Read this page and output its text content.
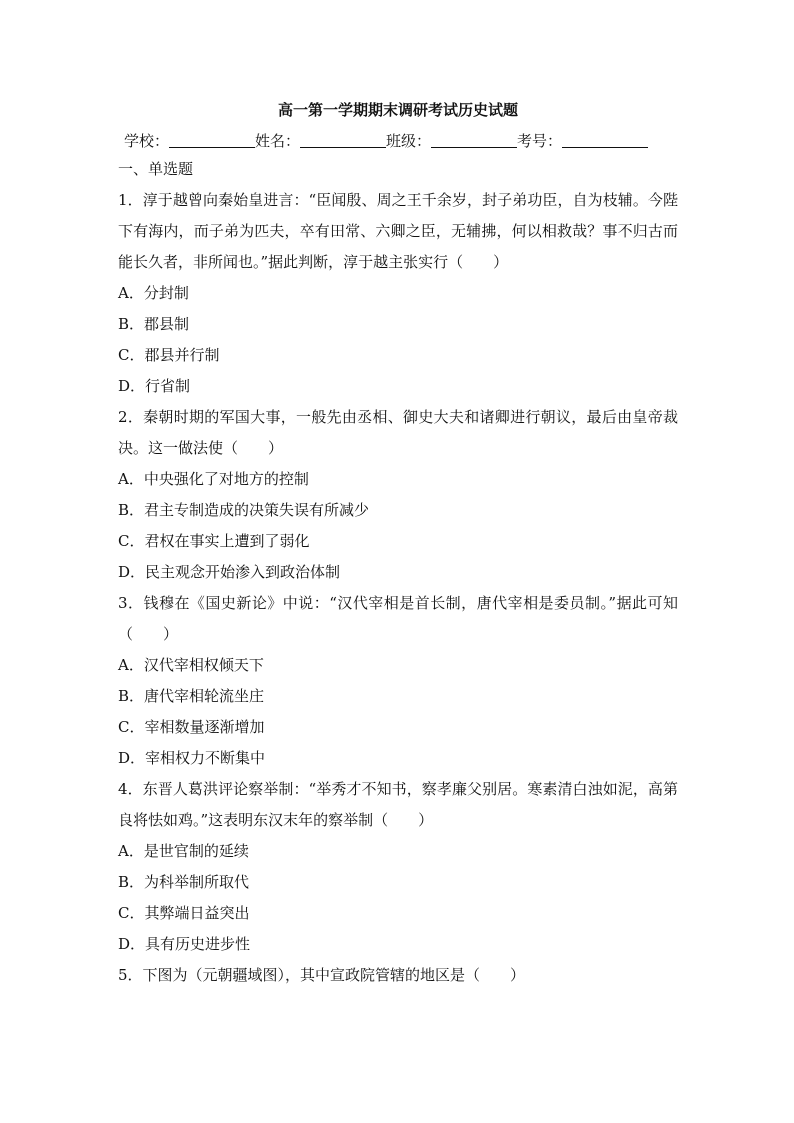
高一第一学期期末调研考试历史试题
学校：	姓名：	班级：	考号：
一、单选题

1．淳于越曾向秦始皇进言：“臣闻殷、周之王千余岁，封子弟功臣，自为枝辅。今陛下有海内，而子弟为匹夫，卒有田常、六卿之臣，无辅拂，何以相救哉？事不归古而能长久者，非所闻也。”据此判断，淳于越主张实行（　　）

A．分封制
B．郡县制
C．郡县并行制
D．行省制

2．秦朝时期的军国大事，一般先由丞相、御史大夫和诸卿进行朝议，最后由皇帝裁决。这一做法使（　　）

A．中央强化了对地方的控制
B．君主专制造成的决策失误有所减少
C．君权在事实上遭到了弱化
D．民主观念开始渗入到政治体制

3．钱穆在《国史新论》中说：“汉代宰相是首长制，唐代宰相是委员制。”据此可知（　　）

A．汉代宰相权倾天下
B．唐代宰相轮流坐庄
C．宰相数量逐渐增加
D．宰相权力不断集中

4．东晋人葛洪评论察举制：“举秀才不知书，察孝廉父别居。寒素清白浊如泥，高第良将怯如鸡。”这表明东汉末年的察举制（　　）

A．是世官制的延续
B．为科举制所取代
C．其弊端日益突出
D．具有历史进步性

5．下图为（元朝疆域图），其中宣政院管辖的地区是（　　）
